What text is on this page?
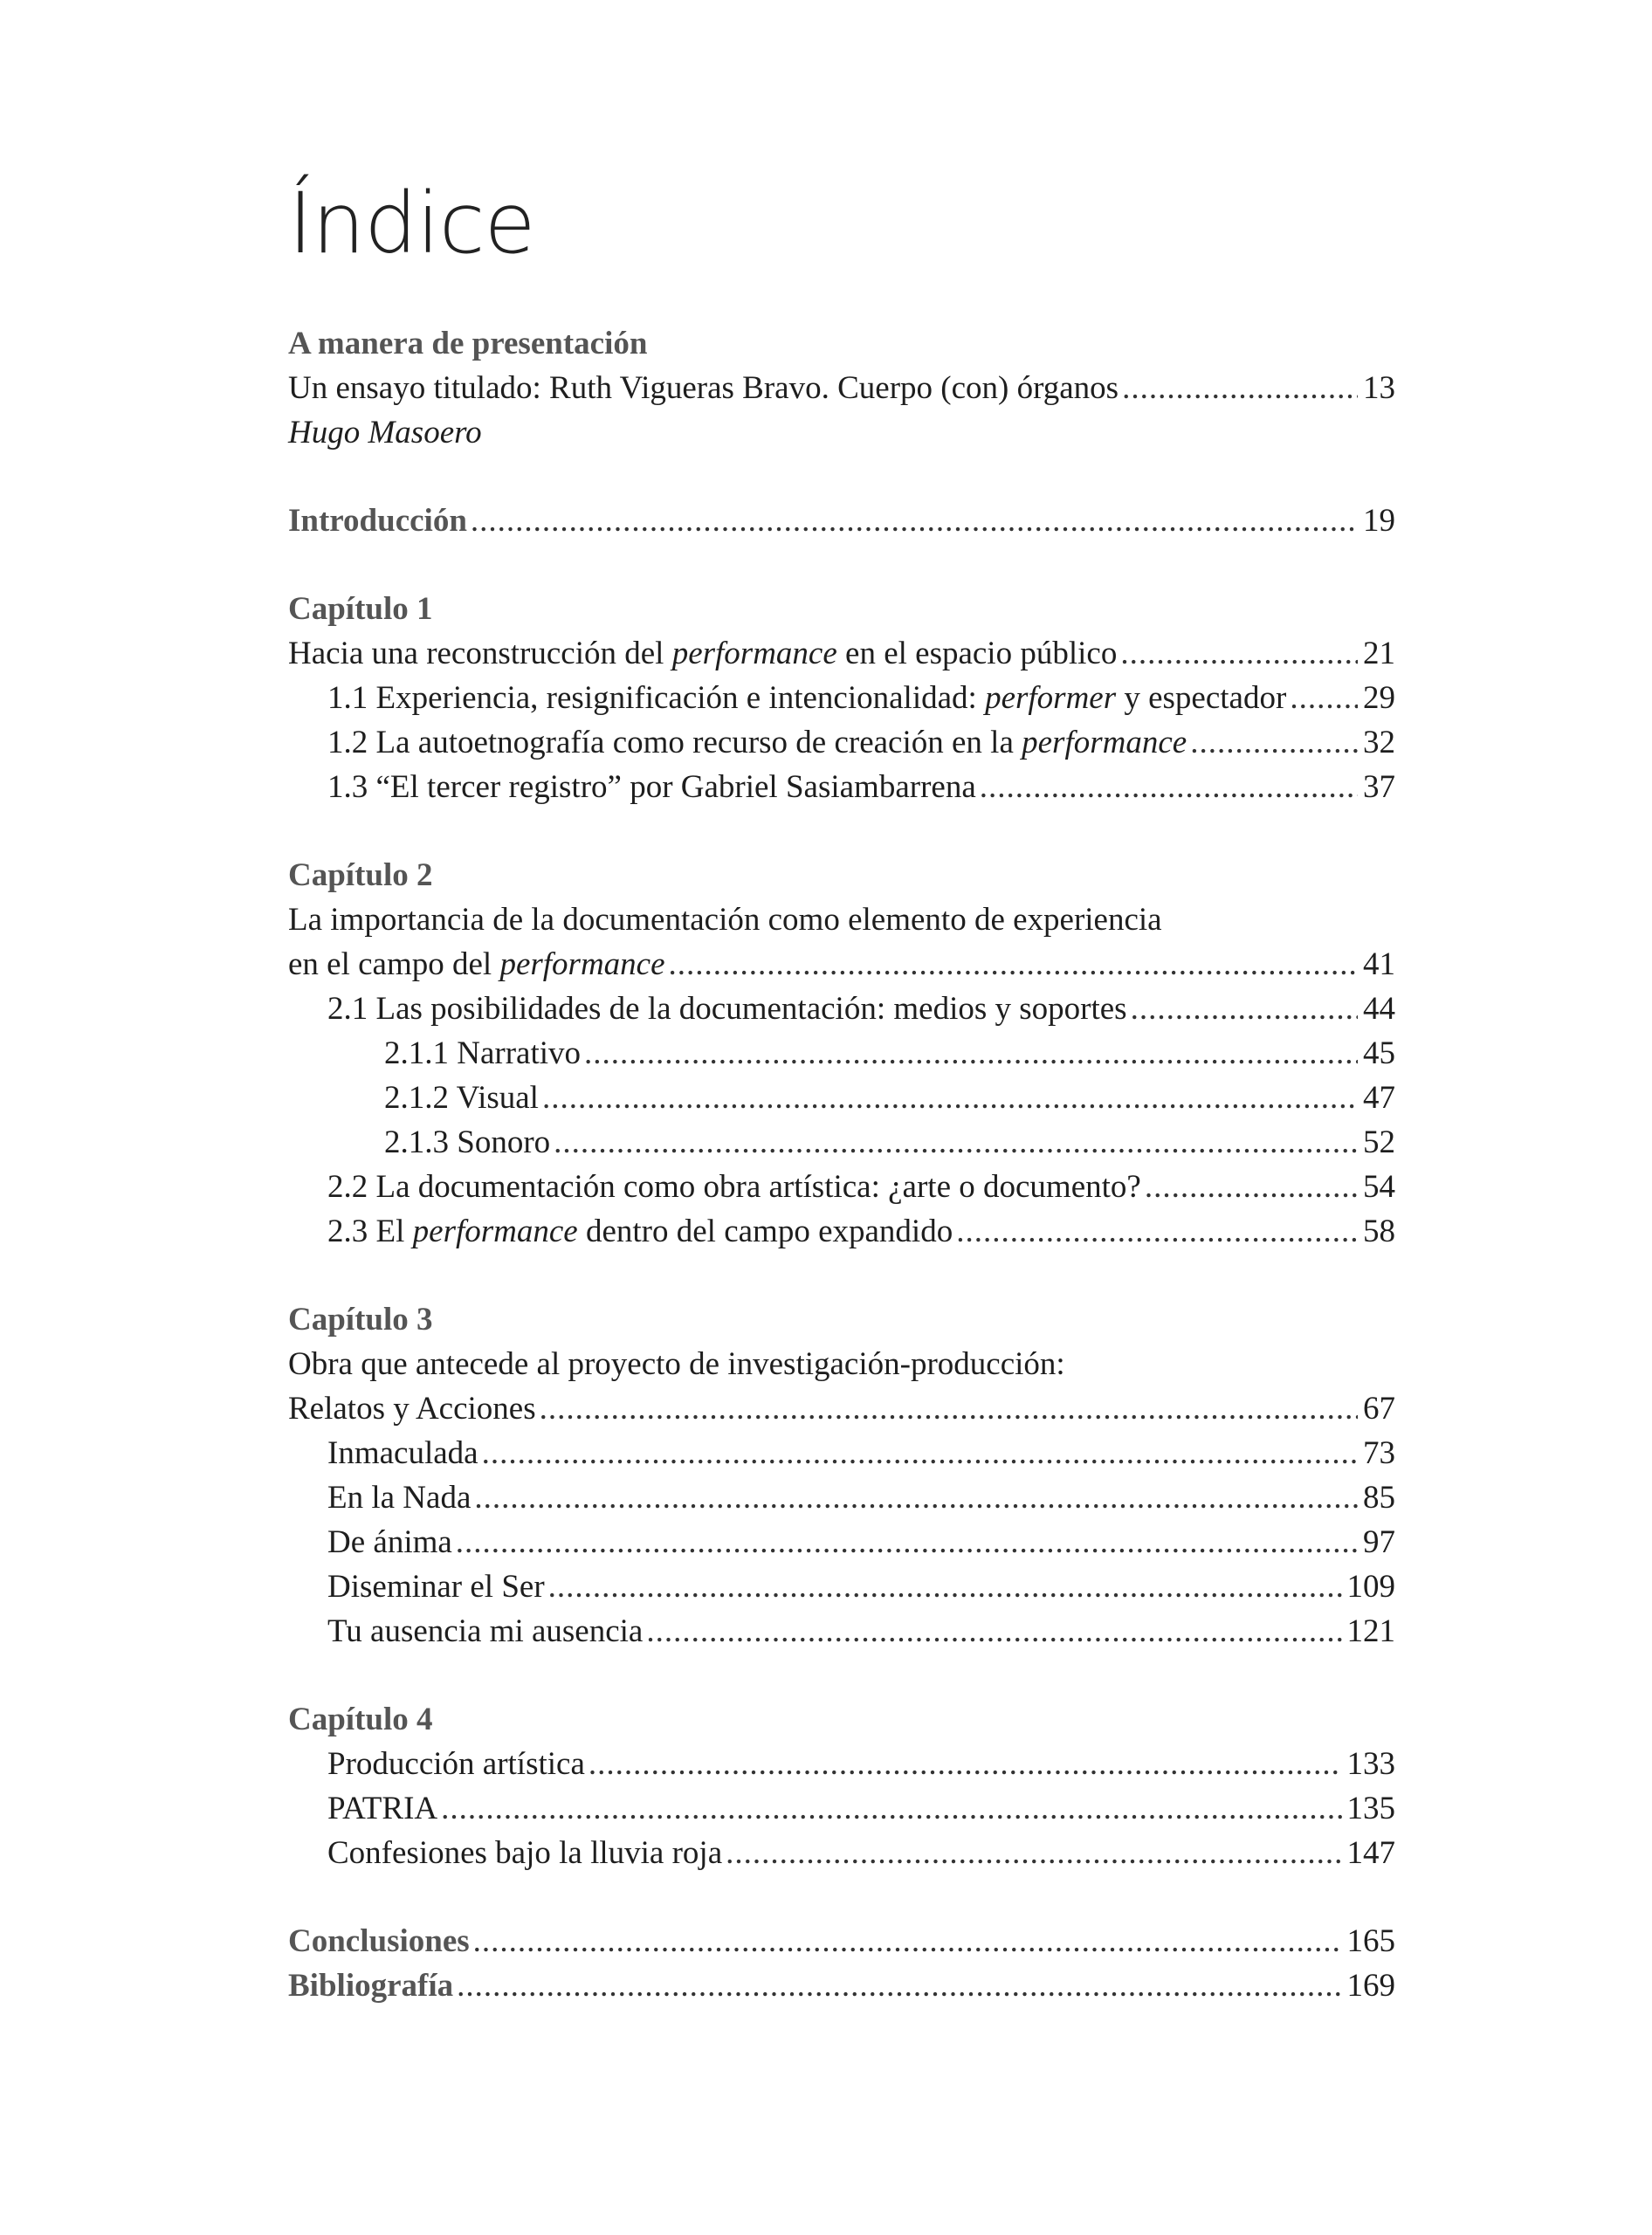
Índice
A manera de presentación
Un ensayo titulado: Ruth Vigueras Bravo. Cuerpo (con) órganos .....	13
Hugo Masoero
Introducción .....	19
Capítulo 1
Hacia una reconstrucción del performance en el espacio público .....	21
1.1 Experiencia, resignificación e intencionalidad: performer y espectador ..... 29
1.2 La autoetnografía como recurso de creación en la performance .....	32
1.3 “El tercer registro” por Gabriel Sasiambarrena .....	37
Capítulo 2
La importancia de la documentación como elemento de experiencia
en el campo del performance .....	41
2.1 Las posibilidades de la documentación: medios y soportes .....	44
2.1.1 Narrativo .....	45
2.1.2 Visual .....	47
2.1.3 Sonoro .....	52
2.2 La documentación como obra artística: ¿arte o documento? .....	54
2.3 El performance dentro del campo expandido .....	58
Capítulo 3
Obra que antecede al proyecto de investigación-producción:
Relatos y Acciones .....	67
Inmaculada .....	73
En la Nada .....	85
De ánima .....	97
Diseminar el Ser .....	109
Tu ausencia mi ausencia .....	121
Capítulo 4
Producción artística .....	133
PATRIA .....	135
Confesiones bajo la lluvia roja .....	147
Conclusiones .....	165
Bibliografía .....	169
